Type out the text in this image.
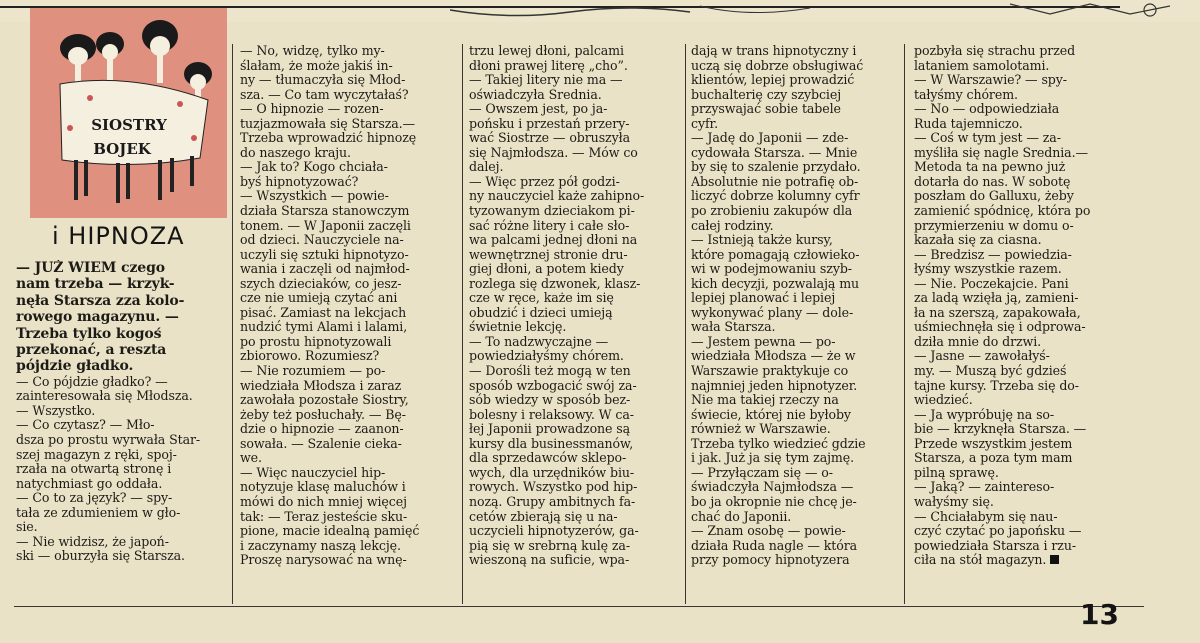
SIOSTRY
BOJEK
i HIPNOZA
— JUŻ WIEM czego
nam trzeba — krzyk-
nęła Starsza zza kolo-
rowego magazynu. —
Trzeba tylko kogoś
przekonać, a reszta
pójdzie gładko.
— Co pójdzie gładko? —
zainteresowała się Młodsza.
— Wszystko.
— Co czytasz? — Mło-
dsza po prostu wyrwała Star-
szej magazyn z ręki, spoj-
rzała na otwartą stronę i
natychmiast go oddała.
— Co to za język? — spy-
tała ze zdumieniem w gło-
sie.
— Nie widzisz, że japoń-
ski — oburzyła się Starsza.
— No, widzę, tylko my-
ślałam, że może jakiś in-
ny — tłumaczyła się Młod-
sza. — Co tam wyczytałaś?
— O hipnozie — rozen-
tuzjazmowała się Starsza.—
Trzeba wprowadzić hipnozę
do naszego kraju.
— Jak to? Kogo chciała-
byś hipnotyzować?
— Wszystkich — powie-
działa Starsza stanowczym
tonem. — W Japonii zaczęli
od dzieci. Nauczyciele na-
uczyli się sztuki hipnotyzo-
wania i zaczęli od najmłod-
szych dzieciaków, co jesz-
cze nie umieją czytać ani
pisać. Zamiast na lekcjach
nudzić tymi Alami i lalami,
po prostu hipnotyzowali
zbiorowo. Rozumiesz?
— Nie rozumiem — po-
wiedziała Młodsza i zaraz
zawołała pozostałe Siostry,
żeby też posłuchały. — Bę-
dzie o hipnozie — zaanon-
sowała. — Szalenie cieka-
we.
— Więc nauczyciel hip-
notyzuje klasę maluchów i
mówi do nich mniej więcej
tak: — Teraz jesteście sku-
pione, macie idealną pamięć
i zaczynamy naszą lekcję.
Proszę narysować na wnę-
trzu lewej dłoni, palcami
dłoni prawej literę „cho”.
— Takiej litery nie ma —
oświadczyła Średnia.
— Owszem jest, po ja-
pońsku i przestań przery-
wać Siostrze — obruszyła
się Najmłodsza. — Mów co
dalej.
— Więc przez pół godzi-
ny nauczyciel każe zahipno-
tyzowanym dzieciakom pi-
sać różne litery i całe sło-
wa palcami jednej dłoni na
wewnętrznej stronie dru-
giej dłoni, a potem kiedy
rozlega się dzwonek, klasz-
cze w ręce, każe im się
obudzić i dzieci umieją
świetnie lekcję.
— To nadzwyczajne —
powiedziałyśmy chórem.
— Dorośli też mogą w ten
sposób wzbogacić swój za-
sób wiedzy w sposób bez-
bolesny i relaksowy. W ca-
łej Japonii prowadzone są
kursy dla businessmanów,
dla sprzedawców sklepo-
wych, dla urzędników biu-
rowych. Wszystko pod hip-
nozą. Grupy ambitnych fa-
cetów zbierają się u na-
uczycieli hipnotyzerów, ga-
pią się w srebrną kulę za-
wieszoną na suficie, wpa-
dają w trans hipnotyczny i
uczą się dobrze obsługiwać
klientów, lepiej prowadzić
buchalterię czy szybciej
przyswajać sobie tabele
cyfr.
— Jadę do Japonii — zde-
cydowała Starsza. — Mnie
by się to szalenie przydało.
Absolutnie nie potrafię ob-
liczyć dobrze kolumny cyfr
po zrobieniu zakupów dla
całej rodziny.
— Istnieją także kursy,
które pomagają człowieko-
wi w podejmowaniu szyb-
kich decyzji, pozwalają mu
lepiej planować i lepiej
wykonywać plany — dole-
wała Starsza.
— Jestem pewna — po-
wiedziała Młodsza — że w
Warszawie praktykuje co
najmniej jeden hipnotyzer.
Nie ma takiej rzeczy na
świecie, której nie byłoby
również w Warszawie.
Trzeba tylko wiedzieć gdzie
i jak. Już ja się tym zajmę.
— Przyłączam się — o-
świadczyła Najmłodsza —
bo ja okropnie nie chcę je-
chać do Japonii.
— Znam osobę — powie-
działa Ruda nagle — która
przy pomocy hipnotyzera
pozbyła się strachu przed
lataniem samolotami.
— W Warszawie? — spy-
tałyśmy chórem.
— No — odpowiedziała
Ruda tajemniczo.
— Coś w tym jest — za-
myśliła się nagle Średnia.—
Metoda ta na pewno już
dotarła do nas. W sobotę
poszłam do Galluxu, żeby
zamienić spódnicę, która po
przymierzeniu w domu o-
kazała się za ciasna.
— Bredzisz — powiedzia-
łyśmy wszystkie razem.
— Nie. Poczekajcie. Pani
za ladą wzięła ją, zamieni-
ła na szerszą, zapakowała,
uśmiechnęła się i odprowa-
dziła mnie do drzwi.
— Jasne — zawołałyś-
my. — Muszą być gdzieś
tajne kursy. Trzeba się do-
wiedzieć.
— Ja wypróbuję na so-
bie — krzyknęła Starsza. —
Przede wszystkim jestem
Starsza, a poza tym mam
pilną sprawę.
— Jaką? — zaintereso-
wałyśmy się.
— Chciałabym się nau-
czyć czytać po japońsku —
powiedziała Starsza i rzu-
ciła na stół magazyn.
13
